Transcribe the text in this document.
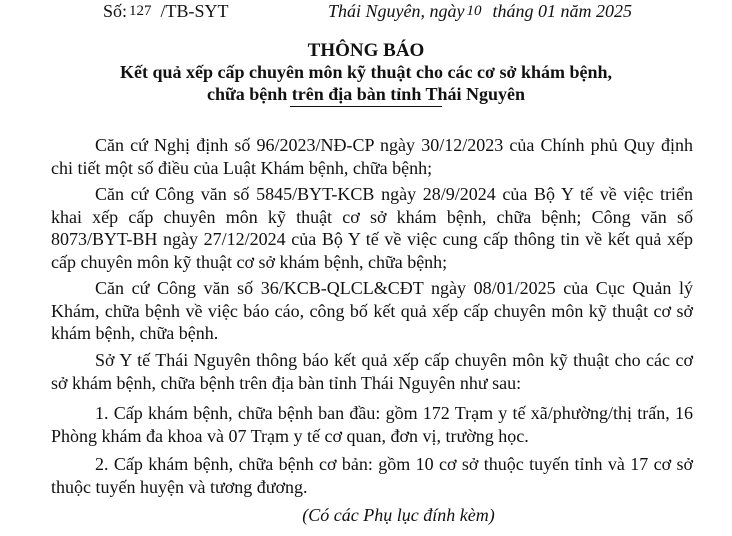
Số: 127 /TB-SYT	Thái Nguyên, ngày 10 tháng 01 năm 2025
THÔNG BÁO
Kết quả xếp cấp chuyên môn kỹ thuật cho các cơ sở khám bệnh,
chữa bệnh trên địa bàn tỉnh Thái Nguyên

Căn cứ Nghị định số 96/2023/NĐ-CP ngày 30/12/2023 của Chính phủ Quy định chi tiết một số điều của Luật Khám bệnh, chữa bệnh;

Căn cứ Công văn số 5845/BYT-KCB ngày 28/9/2024 của Bộ Y tế về việc triển khai xếp cấp chuyên môn kỹ thuật cơ sở khám bệnh, chữa bệnh; Công văn số 8073/BYT-BH ngày 27/12/2024 của Bộ Y tế về việc cung cấp thông tin về kết quả xếp cấp chuyên môn kỹ thuật cơ sở khám bệnh, chữa bệnh;

Căn cứ Công văn số 36/KCB-QLCL&CĐT ngày 08/01/2025 của Cục Quản lý Khám, chữa bệnh về việc báo cáo, công bố kết quả xếp cấp chuyên môn kỹ thuật cơ sở khám bệnh, chữa bệnh.

Sở Y tế Thái Nguyên thông báo kết quả xếp cấp chuyên môn kỹ thuật cho các cơ sở khám bệnh, chữa bệnh trên địa bàn tỉnh Thái Nguyên như sau:

1. Cấp khám bệnh, chữa bệnh ban đầu: gồm 172 Trạm y tế xã/phường/thị trấn, 16 Phòng khám đa khoa và 07 Trạm y tế cơ quan, đơn vị, trường học.

2. Cấp khám bệnh, chữa bệnh cơ bản: gồm 10 cơ sở thuộc tuyến tỉnh và 17 cơ sở thuộc tuyến huyện và tương đương.

(Có các Phụ lục đính kèm)
